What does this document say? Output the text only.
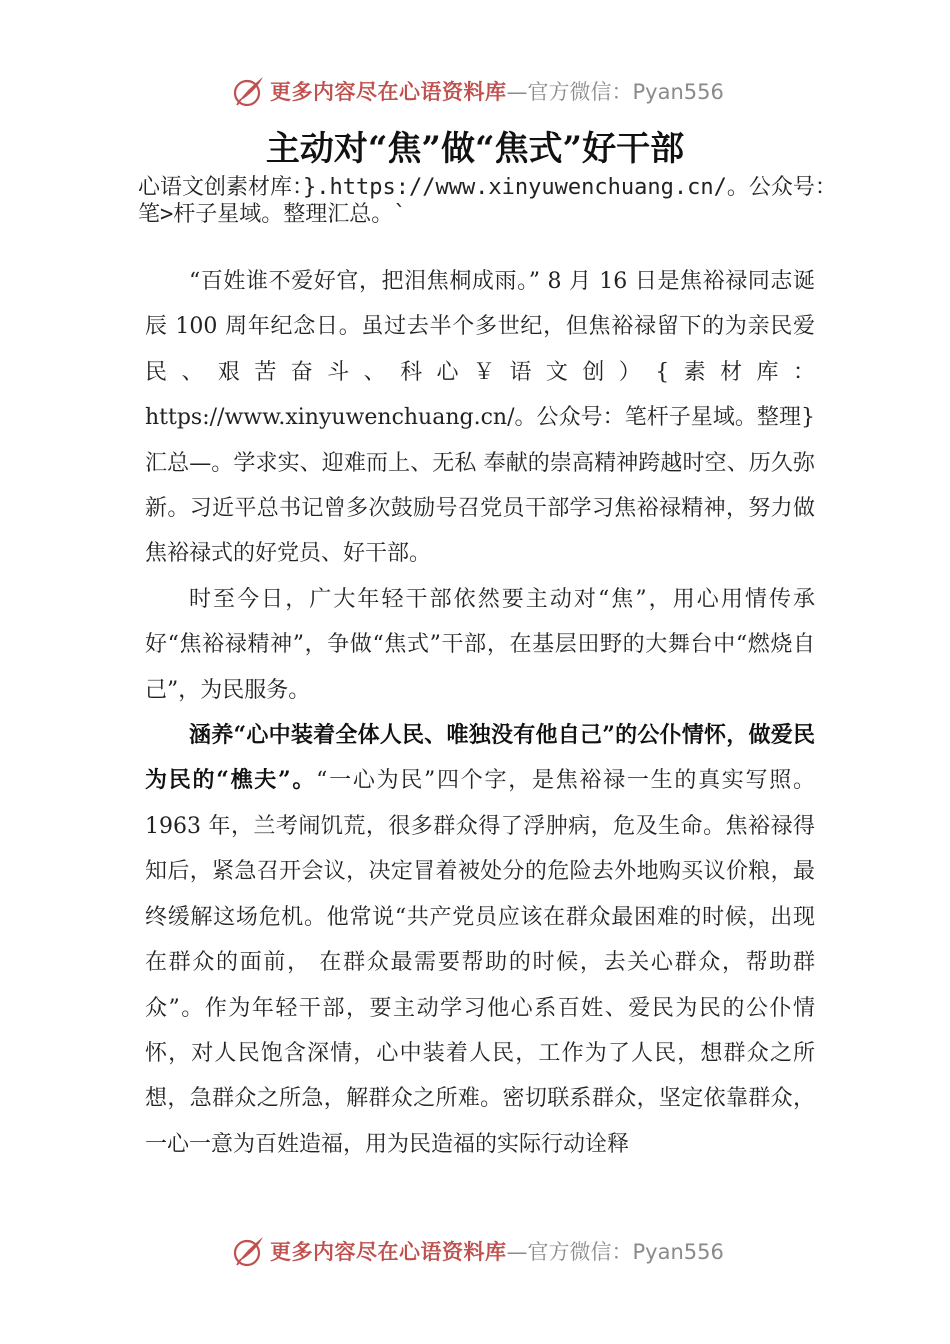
更多内容尽在心语资料库—官方微信：Pyan556
主动对“焦”做“焦式”好干部
心语文创素材库：}.https://www.xinyuwenchuang.cn/。公众号：笔>杆子星域。整理汇总。`

“百姓谁不爱好官，把泪焦桐成雨。” 8 月 16 日是焦裕禄同志诞辰 100 周年纪念日。虽过去半个多世纪，但焦裕禄留下的为亲民爱民、艰苦奋斗、科心￥语文创）{素材库：https://www.xinyuwenchuang.cn/。公众号：笔杆子星域。整理}汇总—。学求实、迎难而上、无私 奉献的崇高精神跨越时空、历久弥新。习近平总书记曾多次鼓励号召党员干部学习焦裕禄精神，努力做焦裕禄式的好党员、好干部。

时至今日，广大年轻干部依然要主动对“焦”，用心用情传承好“焦裕禄精神”，争做“焦式”干部，在基层田野的大舞台中“燃烧自己”，为民服务。

涵养“心中装着全体人民、唯独没有他自己”的公仆情怀，做爱民为民的“樵夫”。“一心为民”四个字，是焦裕禄一生的真实写照。1963 年，兰考闹饥荒，很多群众得了浮肿病，危及生命。焦裕禄得知后，紧急召开会议，决定冒着被处分的危险去外地购买议价粮，最终缓解这场危机。他常说“共产党员应该在群众最困难的时候，出现在群众的面前， 在群众最需要帮助的时候，去关心群众，帮助群众”。作为年轻干部，要主动学习他心系百姓、爱民为民的公仆情怀，对人民饱含深情，心中装着人民，工作为了人民，想群众之所想，急群众之所急，解群众之所难。密切联系群众，坚定依靠群众，一心一意为百姓造福，用为民造福的实际行动诠释

更多内容尽在心语资料库—官方微信：Pyan556
